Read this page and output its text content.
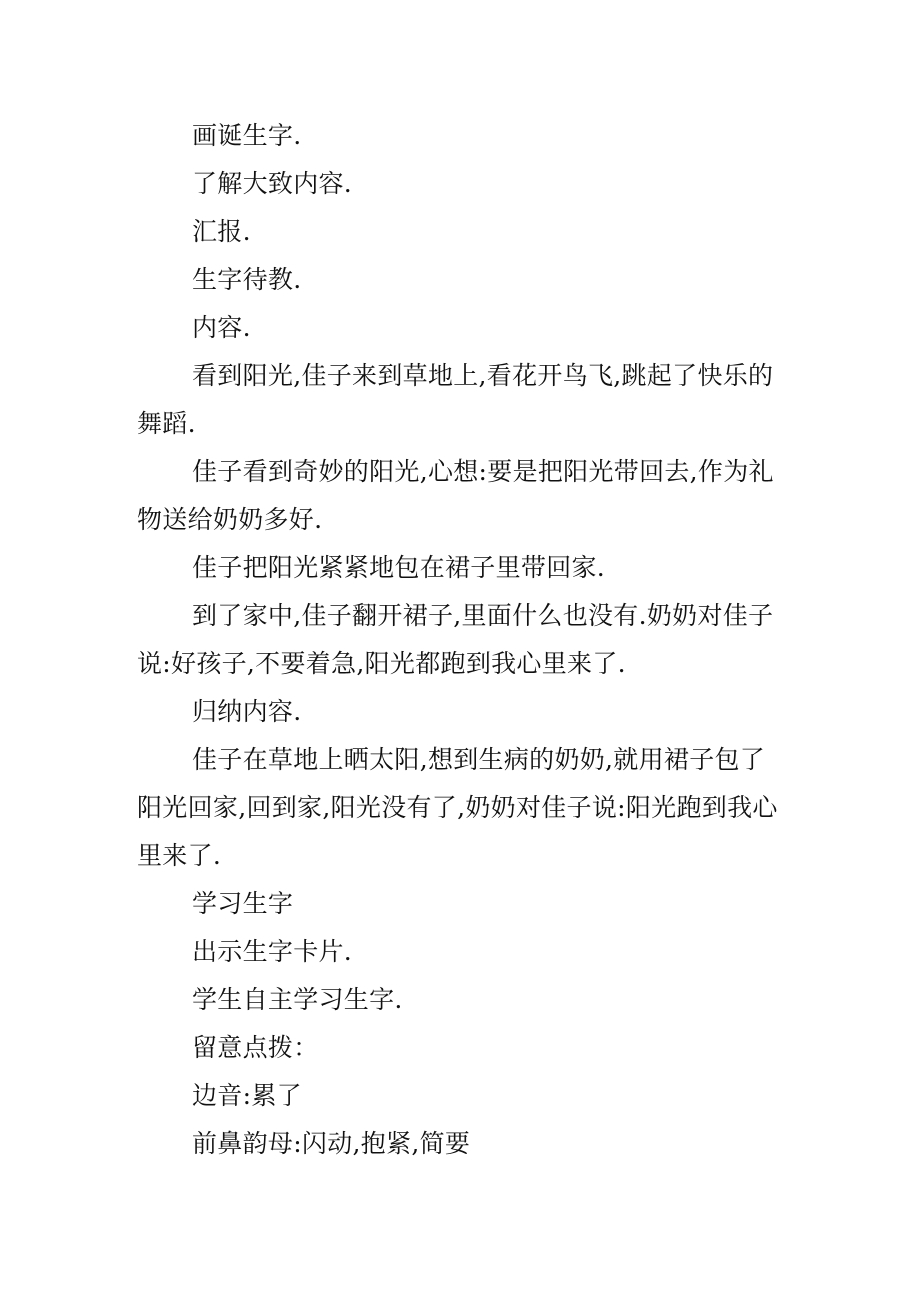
画诞生字.

了解大致内容.

汇报.

生字待教.

内容.

看到阳光,佳子来到草地上,看花开鸟飞,跳起了快乐的舞蹈.

佳子看到奇妙的阳光,心想:要是把阳光带回去,作为礼物送给奶奶多好.

佳子把阳光紧紧地包在裙子里带回家.

到了家中,佳子翻开裙子,里面什么也没有.奶奶对佳子说:好孩子,不要着急,阳光都跑到我心里来了.

归纳内容.

佳子在草地上晒太阳,想到生病的奶奶,就用裙子包了阳光回家,回到家,阳光没有了,奶奶对佳子说:阳光跑到我心里来了.

学习生字

出示生字卡片.

学生自主学习生字.

留意点拨：

边音:累了

前鼻韵母:闪动,抱紧,简要
